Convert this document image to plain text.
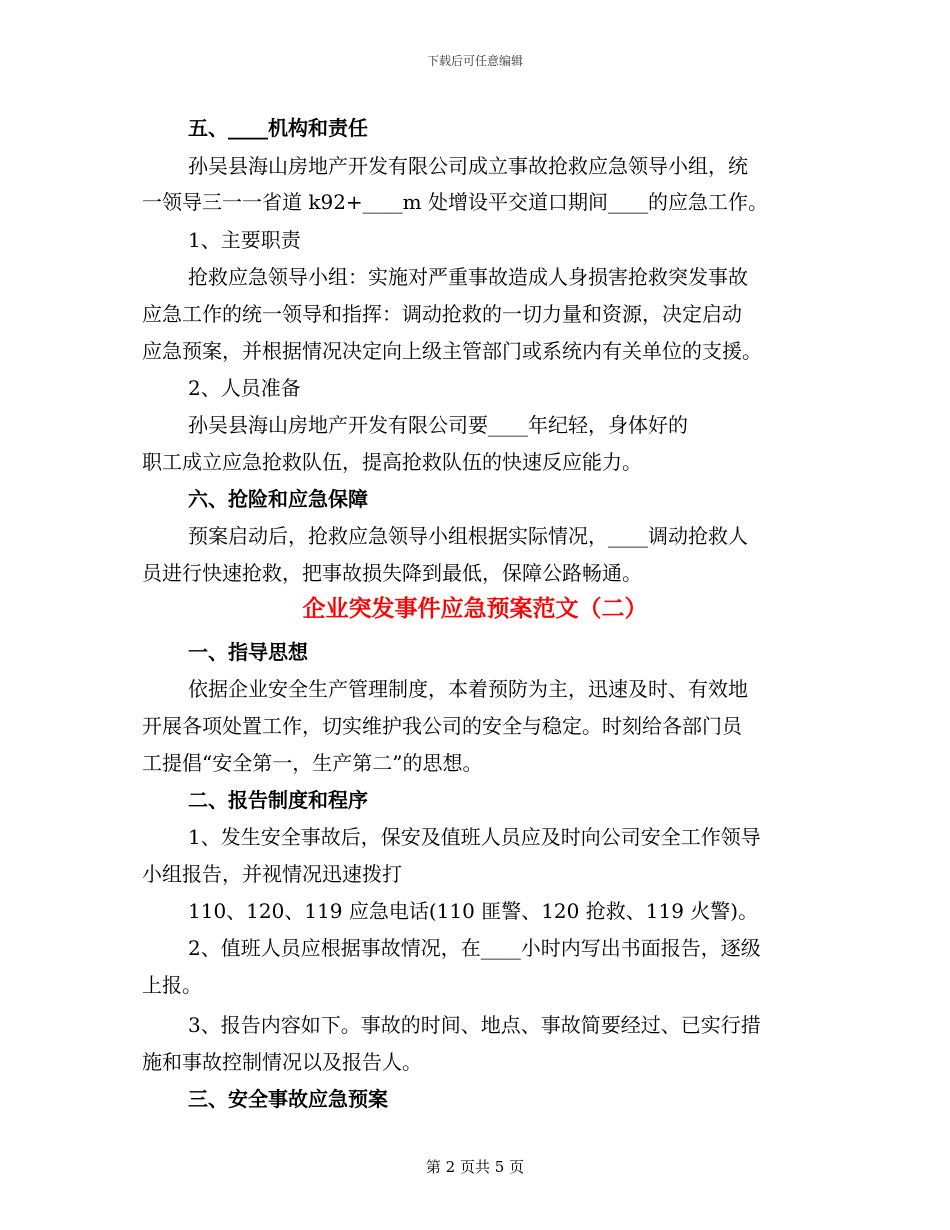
下载后可任意编辑
五、____机构和责任
孙吴县海山房地产开发有限公司成立事故抢救应急领导小组，统
一领导三一一省道 k92+____m 处增设平交道口期间____的应急工作。
1、主要职责
抢救应急领导小组：实施对严重事故造成人身损害抢救突发事故
应急工作的统一领导和指挥：调动抢救的一切力量和资源，决定启动
应急预案，并根据情况决定向上级主管部门或系统内有关单位的支援。
2、人员准备
孙吴县海山房地产开发有限公司要____年纪轻，身体好的
职工成立应急抢救队伍，提高抢救队伍的快速反应能力。
六、抢险和应急保障
预案启动后，抢救应急领导小组根据实际情况，____调动抢救人
员进行快速抢救，把事故损失降到最低，保障公路畅通。
企业突发事件应急预案范文（二）
一、指导思想
依据企业安全生产管理制度，本着预防为主，迅速及时、有效地
开展各项处置工作，切实维护我公司的安全与稳定。时刻给各部门员
工提倡“安全第一，生产第二”的思想。
二、报告制度和程序
1、发生安全事故后，保安及值班人员应及时向公司安全工作领导
小组报告，并视情况迅速拨打
110、120、119 应急电话(110 匪警、120 抢救、119 火警)。
2、值班人员应根据事故情况，在____小时内写出书面报告，逐级
上报。
3、报告内容如下。事故的时间、地点、事故简要经过、已实行措
施和事故控制情况以及报告人。
三、安全事故应急预案
第 2 页共 5 页
